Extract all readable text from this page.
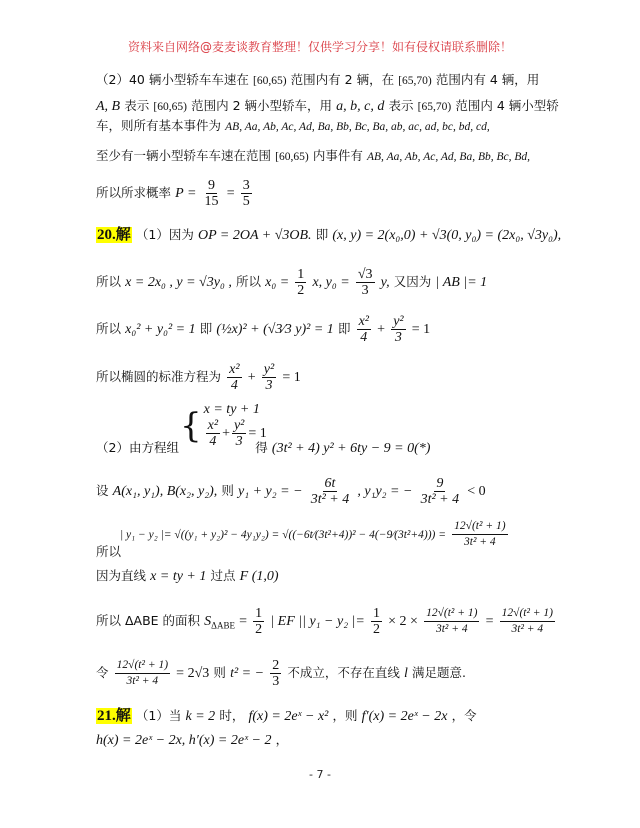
资料来自网络@麦麦谈教育整理！仅供学习分享！如有侵权请联系删除！
（2）40 辆小型轿车车速在 [60,65) 范围内有 2 辆，在 [65,70) 范围内有 4 辆，用
A, B 表示 [60,65) 范围内 2 辆小型轿车，用 a, b, c, d 表示 [65,70) 范围内 4 辆小型轿
车，则所有基本事件为 AB, Aa, Ab, Ac, Ad, Ba, Bb, Bc, Ba, ab, ac, ad, bc, bd, cd,
至少有一辆小型轿车车速在范围 [60,65) 内事件有 AB, Aa, Ab, Ac, Ad, Ba, Bb, Bc, Bd,
所以所求概率 $P = \frac{9}{15} = \frac{3}{5}$
20.解 （1）因为 OP = 2OA + √3OB. 即 (x, y) = 2(x₀,0) + √3(0, y₀) = (2x₀, √3y₀),
所以 x = 2x₀ , y = √3y₀ , 所以 $x_0 = \frac{1}{2} x$, $y_0 = \frac{√3}{3} y$, 又因为 | AB |= 1
所以 x₀² + y₀² = 1 即 (½x)² + (√3⁄3 y)² = 1 即 $\frac{\text{x²}}{4} + \frac{\text{y²}}{3} = 1$
所以椭圆的标准方程为 $\frac{\text{x²}}{4} + \frac{\text{y²}}{3} = 1$
{ x = ty + 1
$\frac{\text{x²}}{4} + \frac{\text{y²}}{3} = 1$
（2）由方程组	得 (3t² + 4) y² + 6ty − 9 = 0(*)
设 A(x₁, y₁), B(x₂, y₂), 则 y₁ + y₂ = − $\frac{6t}{\text{3t² + 4}}$ , y₁y₂ = − $\frac{9}{\text{3t² + 4}} < 0$
| y₁ − y₂ |= √((y₁ + y₂)² − 4y₁y₂) = √((−6t⁄(3t²+4))² − 4(−9⁄(3t²+4))) = $\frac{\text{12√(t² + 1)}}{\text{3t² + 4}}$
所以
因为直线 x = ty + 1 过点 F (1,0)
所以 ΔABE 的面积 $S_{\Delta ABE} = \frac{1}{2}$ | EF || y₁ − y₂ |= $\frac{1}{2} \times 2 \times \frac{\text{12√(t² + 1)}}{\text{3t² + 4}} = \frac{\text{12√(t² + 1)}}{\text{3t² + 4}}$
令 $\frac{\text{12√(t² + 1)}}{\text{3t² + 4}} = 2√3$ 则 t² = − $\frac{2}{3}$ 不成立，不存在直线 l 满足题意.
21.解 （1）当 k = 2 时， f(x) = 2eˣ − x² ，则 f′(x) = 2eˣ − 2x ，令
h(x) = 2eˣ − 2x, h′(x) = 2eˣ − 2 ，
- 7 -
